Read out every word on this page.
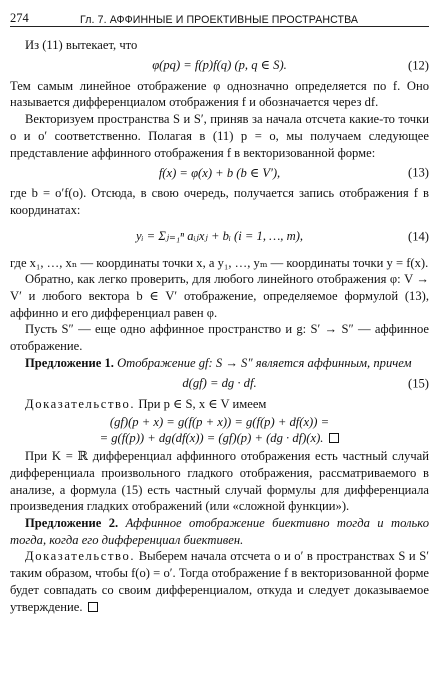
274	Гл. 7. АФФИННЫЕ И ПРОЕКТИВНЫЕ ПРОСТРАНСТВА

Из (11) вытекает, что

φ(pq) = f(p)f(q) (p, q ∈ S).	(12)

Тем самым линейное отображение φ однозначно определяется по f. Оно называется дифференциалом отображения f и обозначается через df.

Векторизуем пространства S и S′, приняв за начала отсчета какие-то точки o и o′ соответственно. Полагая в (11) p = o, мы получаем следующее представление аффинного отображения f в векторизованной форме:

f(x) = φ(x) + b (b ∈ V′),	(13)

где b = o′f(o). Отсюда, в свою очередь, получается запись отображения f в координатах:

yᵢ = Σⱼ₌₁ⁿ aᵢⱼxⱼ + bᵢ (i = 1, …, m),	(14)

где x₁, …, xₙ — координаты точки x, а y₁, …, yₘ — координаты точки y = f(x).

Обратно, как легко проверить, для любого линейного отображения φ: V → V′ и любого вектора b ∈ V′ отображение, определяемое формулой (13), аффинно и его дифференциал равен φ.

Пусть S″ — еще одно аффинное пространство и g: S′ → S″ — аффинное отображение.

Предложение 1. Отображение gf: S → S″ является аффинным, причем

d(gf) = dg · df.	(15)

Доказательство. При p ∈ S, x ∈ V имеем

(gf)(p + x) = g(f(p + x)) = g(f(p) + df(x)) =
= g(f(p)) + dg(df(x)) = (gf)(p) + (dg · df)(x).

При K = ℝ дифференциал аффинного отображения есть частный случай дифференциала произвольного гладкого отображения, рассматриваемого в анализе, а формула (15) есть частный случай формулы для дифференциала произведения гладких отображений (или «сложной функции»).

Предложение 2. Аффинное отображение биективно тогда и только тогда, когда его дифференциал биективен.

Доказательство. Выберем начала отсчета o и o′ в пространствах S и S′ таким образом, чтобы f(o) = o′. Тогда отображение f в векторизованной форме будет совпадать со своим дифференциалом, откуда и следует доказываемое утверждение.
